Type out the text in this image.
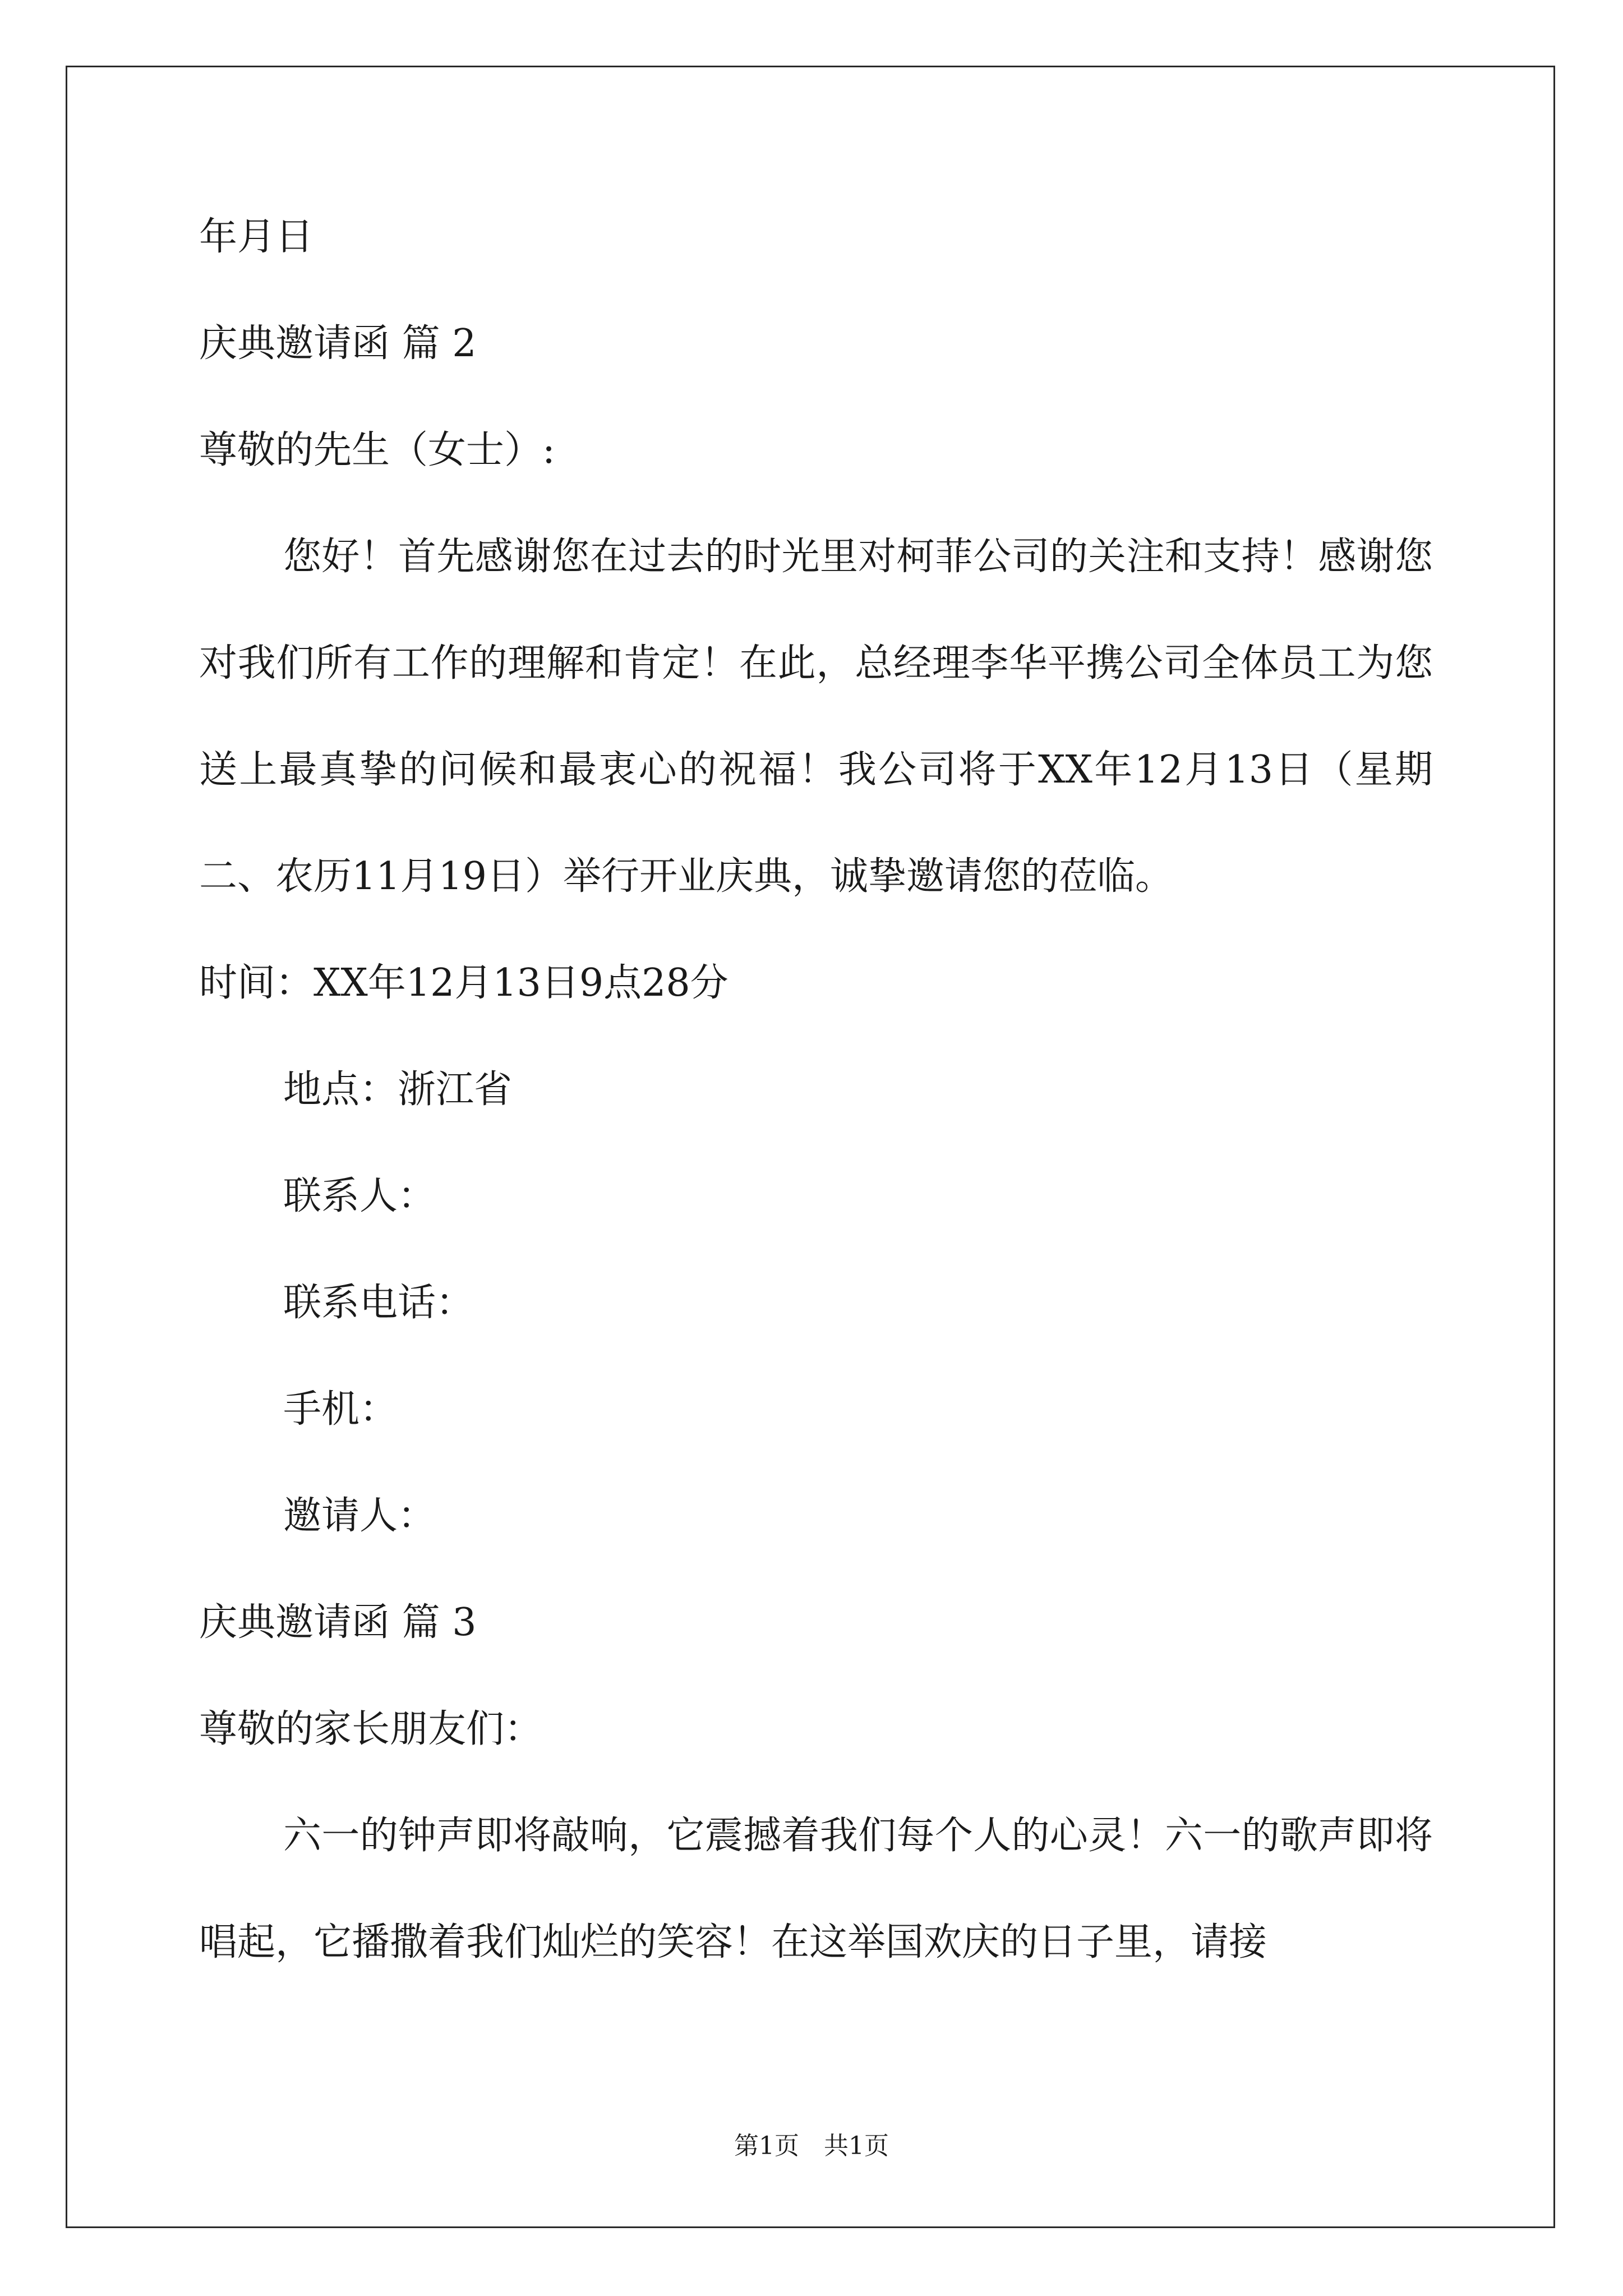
年月日
庆典邀请函 篇 2
尊敬的先生（女士）:
您好！首先感谢您在过去的时光里对柯菲公司的关注和支持！感谢您对我们所有工作的理解和肯定！在此，总经理李华平携公司全体员工为您送上最真挚的问候和最衷心的祝福！我公司将于XX年12月13日（星期二、农历11月19日）举行开业庆典，诚挚邀请您的莅临。
时间：XX年12月13日9点28分
地点：浙江省
联系人：
联系电话：
手机：
邀请人：
庆典邀请函 篇 3
尊敬的家长朋友们：
六一的钟声即将敲响，它震撼着我们每个人的心灵！六一的歌声即将唱起，它播撒着我们灿烂的笑容！在这举国欢庆的日子里，请接
第1页　共1页
